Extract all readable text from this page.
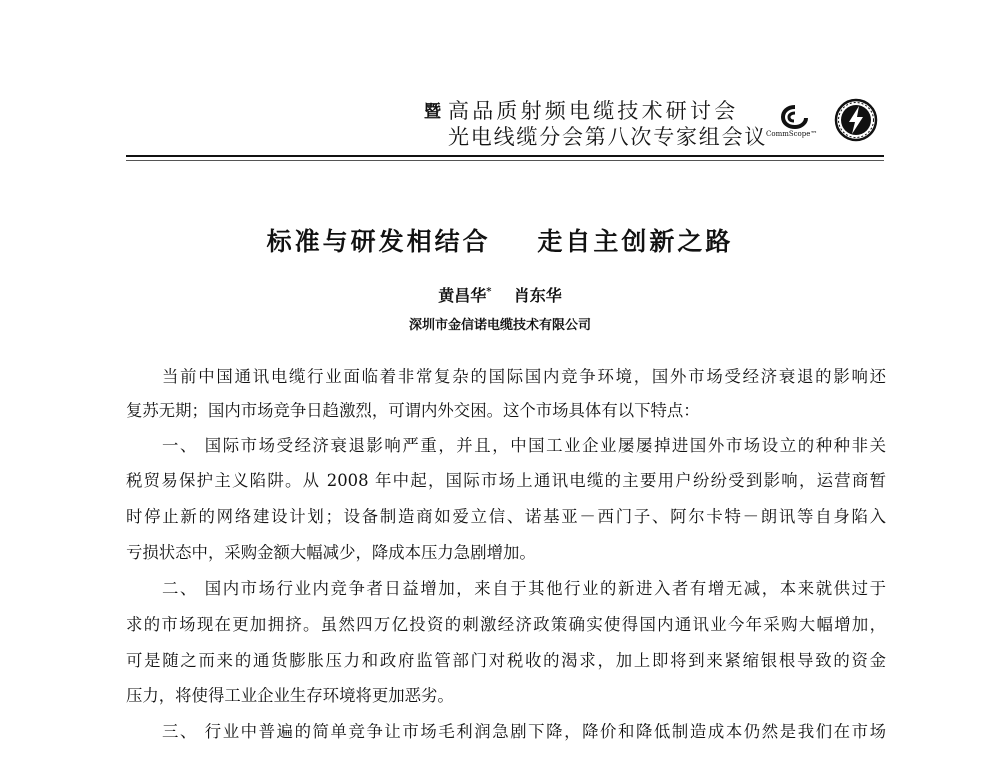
暨 高品质射频电缆技术研讨会
光电线缆分会第八次专家组会议
CommScope™
标准与研发相结合    走自主创新之路
黄昌华* 肖东华
深圳市金信诺电缆技术有限公司
当前中国通讯电缆行业面临着非常复杂的国际国内竞争环境，国外市场受经济衰退的影响还
复苏无期；国内市场竞争日趋激烈，可谓内外交困。这个市场具体有以下特点：
一、 国际市场受经济衰退影响严重，并且，中国工业企业屡屡掉进国外市场设立的种种非关
税贸易保护主义陷阱。从 2008 年中起，国际市场上通讯电缆的主要用户纷纷受到影响，运营商暂
时停止新的网络建设计划；设备制造商如爱立信、诺基亚－西门子、阿尔卡特－朗讯等自身陷入
亏损状态中，采购金额大幅减少，降成本压力急剧增加。
二、 国内市场行业内竞争者日益增加，来自于其他行业的新进入者有增无减，本来就供过于
求的市场现在更加拥挤。虽然四万亿投资的刺激经济政策确实使得国内通讯业今年采购大幅增加，
可是随之而来的通货膨胀压力和政府监管部门对税收的渴求，加上即将到来紧缩银根导致的资金
压力，将使得工业企业生存环境将更加恶劣。
三、 行业中普遍的简单竞争让市场毛利润急剧下降，降价和降低制造成本仍然是我们在市场
